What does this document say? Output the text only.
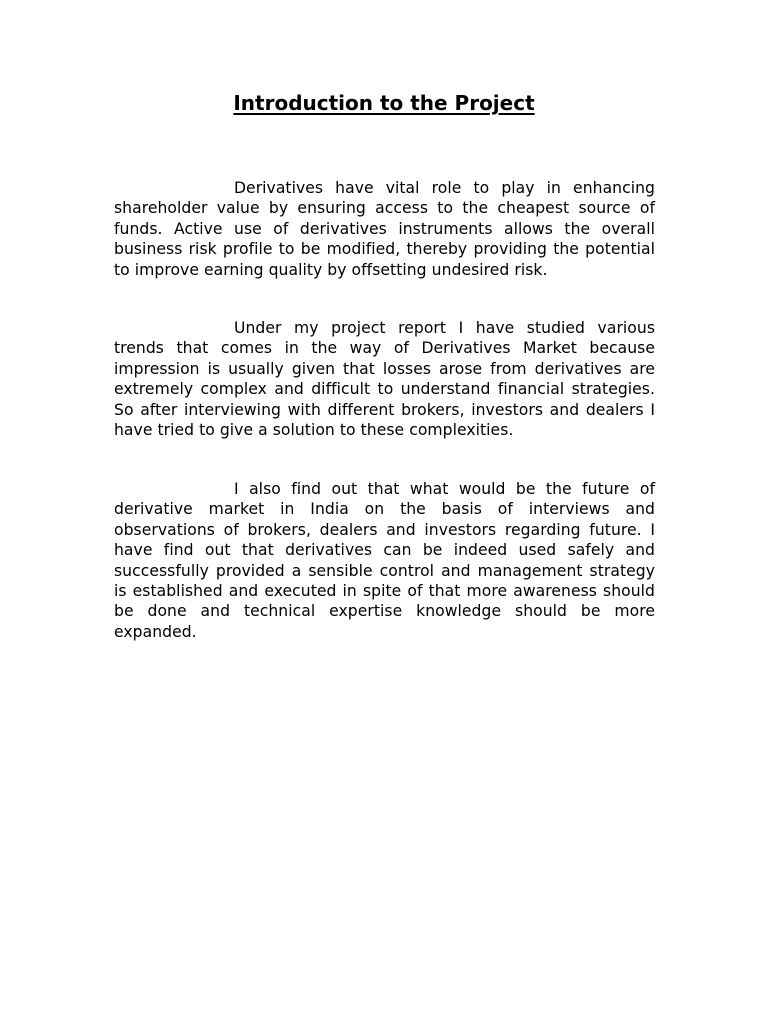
Introduction to the Project

Derivatives have vital role to play in enhancing shareholder value by ensuring access to the cheapest source of funds. Active use of derivatives instruments allows the overall business risk profile to be modified, thereby providing the potential to improve earning quality by offsetting undesired risk.

Under my project report I have studied various trends that comes in the way of Derivatives Market because impression is usually given that losses arose from derivatives are extremely complex and difficult to understand financial strategies. So after interviewing with different brokers, investors and dealers I have tried to give a solution to these complexities.

I also find out that what would be the future of derivative market in India on the basis of interviews and observations of brokers, dealers and investors regarding future. I have find out that derivatives can be indeed used safely and successfully provided a sensible control and management strategy is established and executed in spite of that more awareness should be done and technical expertise knowledge should be more expanded.
